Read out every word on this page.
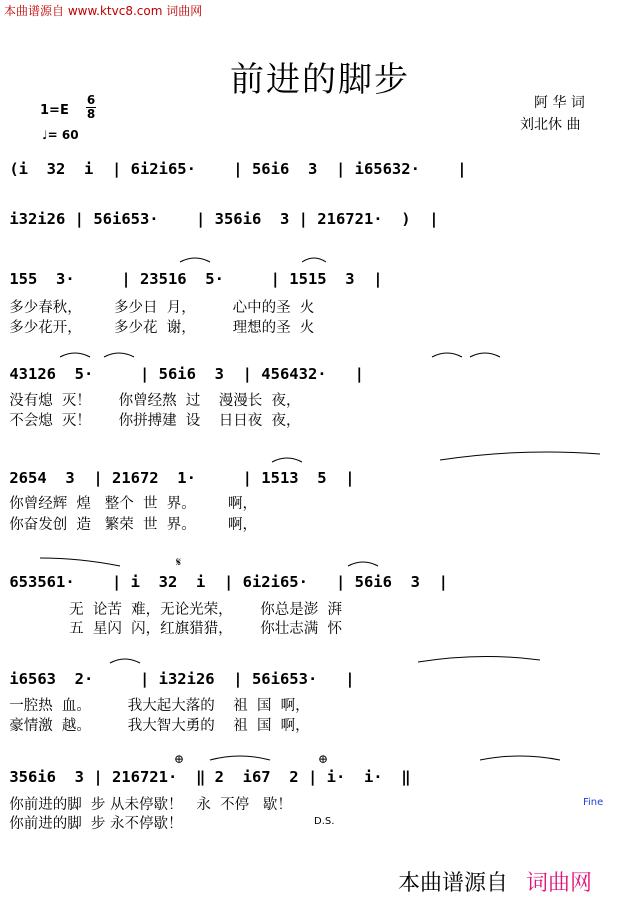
本曲谱源自 www.ktvc8.com 词曲网
前进的脚步
1=E
6
8
♩= 60
阿 华 词
刘北休 曲
(i  32  i  | 6i2i65·    | 56i6  3  | i65632·    |
i32i26 | 56i653·    | 356i6  3 | 216721·  )  |
155  3·     | 23516  5·     | 1515  3  |
多少春秋，       多少日  月，        心中的圣  火
多少花开，       多少花  谢，        理想的圣  火
43126  5·     | 56i6  3  | 456432·   |
没有熄  灭！      你曾经熬  过    漫漫长  夜，
不会熄  灭！      你拼搏建  设    日日夜  夜，
2654  3  | 21672  1·     | 1513  5  |
你曾经辉  煌   整个  世  界。       啊，
你奋发创  造   繁荣  世  界。       啊，
𝄋
653561·    | i  32  i  | 6i2i65·   | 56i6  3  |
无  论苦  难，无论光荣，      你总是澎  湃
五  星闪  闪，红旗猎猎，      你壮志满  怀
i6563  2·     | i32i26  | 56i653·   |
一腔热  血。        我大起大落的    祖  国  啊，
豪情激  越。        我大智大勇的    祖  国  啊，
⊕	⊕
356i6  3 | 216721·  ‖ 2  i67  2 | i·  i·  ‖
你前进的脚  步 从未停歇！   永  不停   歇！
你前进的脚  步 永不停歇！
Fine
D.S.
本曲谱源自 词曲网
